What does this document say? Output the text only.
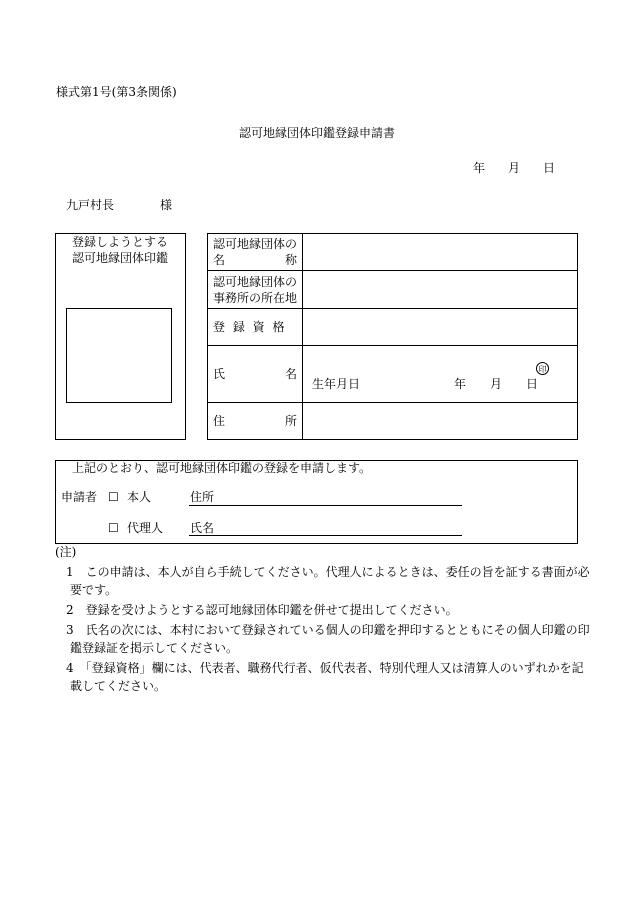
様式第1号(第3条関係)
認可地縁団体印鑑登録申請書
年 月 日
九戸村長	様
登録しようとする
認可地縁団体印鑑
認可地縁団体の
名	称
認可地縁団体の
事務所の所在地
登 録 資 格
氏	名	印
生年月日	年 月 日
住	所
上記のとおり、認可地縁団体印鑑の登録を申請します。
申請者 ☐ 本人	住所
☐ 代理人 氏名
(注)
1　この申請は、本人が自ら手続してください。代理人によるときは、委任の旨を証する書面が必
要です。
2　登録を受けようとする認可地縁団体印鑑を併せて提出してください。
3　氏名の次には、本村において登録されている個人の印鑑を押印するとともにその個人印鑑の印
鑑登録証を掲示してください。
4　「登録資格」欄には、代表者、職務代行者、仮代表者、特別代理人又は清算人のいずれかを記
載してください。
